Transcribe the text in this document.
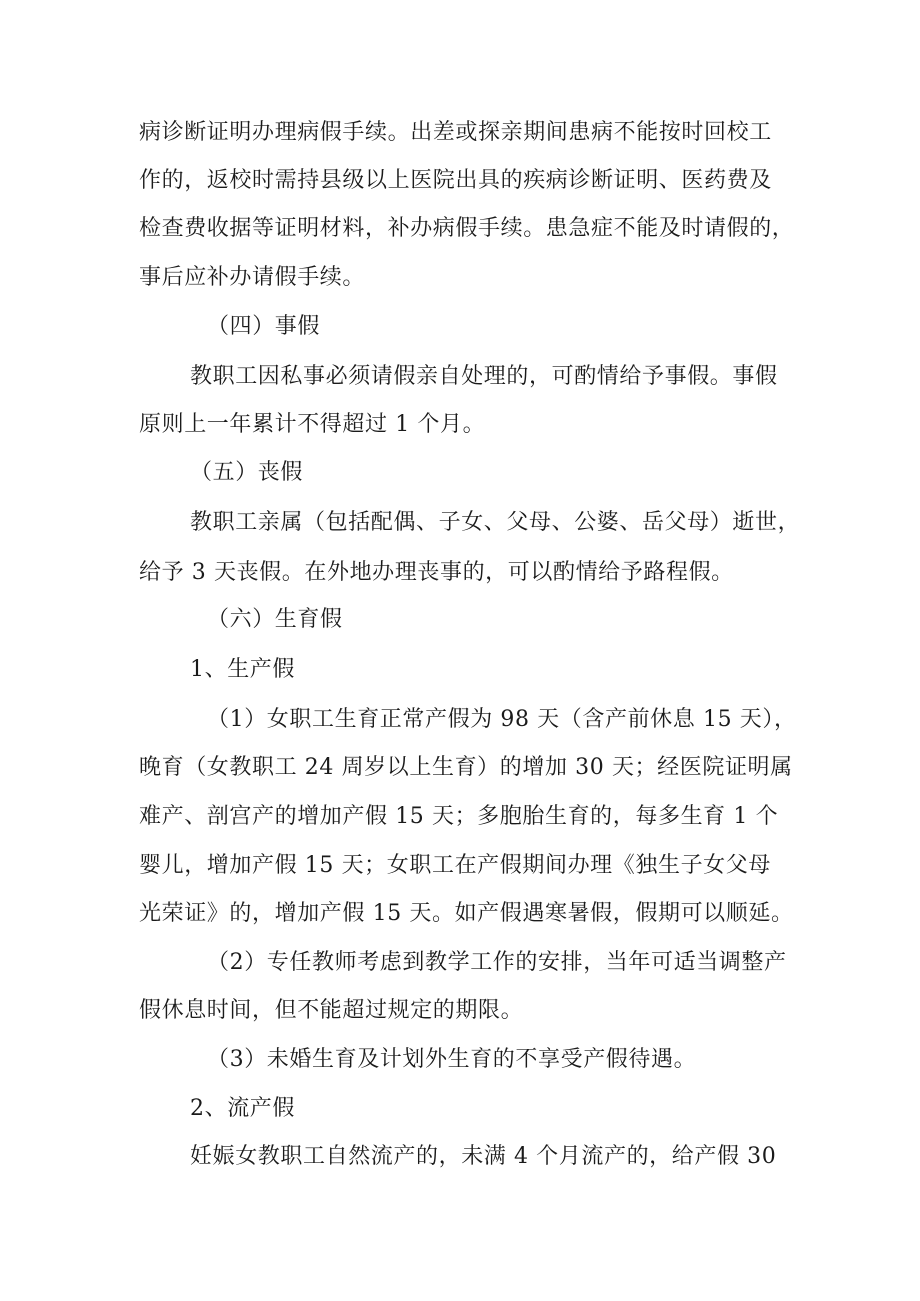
病诊断证明办理病假手续。出差或探亲期间患病不能按时回校工
作的，返校时需持县级以上医院出具的疾病诊断证明、医药费及
检查费收据等证明材料，补办病假手续。患急症不能及时请假的，
事后应补办请假手续。
（四）事假
教职工因私事必须请假亲自处理的，可酌情给予事假。事假
原则上一年累计不得超过 1 个月。
（五）丧假
教职工亲属（包括配偶、子女、父母、公婆、岳父母）逝世，
给予 3 天丧假。在外地办理丧事的，可以酌情给予路程假。
（六）生育假
1、生产假
（1）女职工生育正常产假为 98 天（含产前休息 15 天），
晚育（女教职工 24 周岁以上生育）的增加 30 天；经医院证明属
难产、剖宫产的增加产假 15 天；多胞胎生育的，每多生育 1 个
婴儿，增加产假 15 天；女职工在产假期间办理《独生子女父母
光荣证》的，增加产假 15 天。如产假遇寒暑假，假期可以顺延。
（2）专任教师考虑到教学工作的安排，当年可适当调整产
假休息时间，但不能超过规定的期限。
（3）未婚生育及计划外生育的不享受产假待遇。
2、流产假
妊娠女教职工自然流产的，未满 4 个月流产的，给产假 30
